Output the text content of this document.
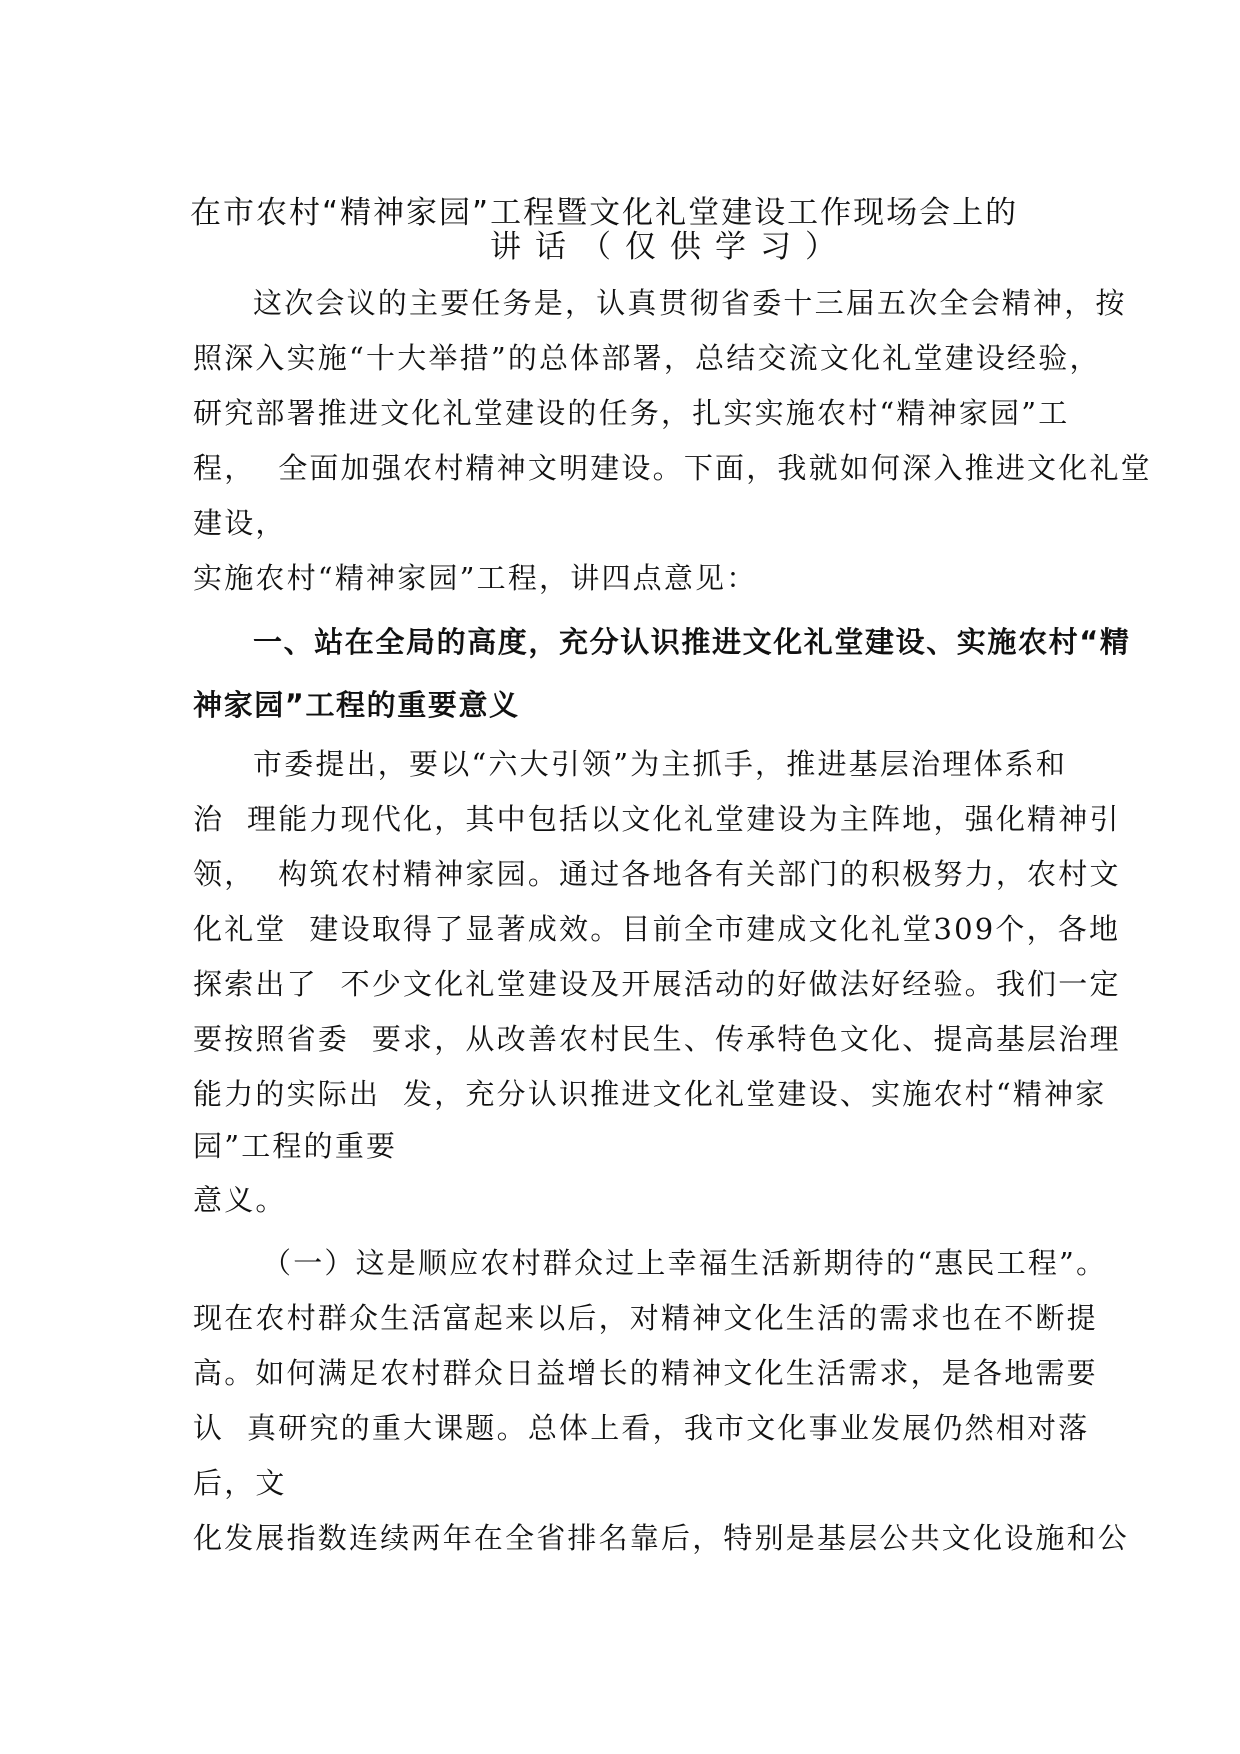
在市农村“精神家园”工程暨文化礼堂建设工作现场会上的
讲话（仅供学习）
这次会议的主要任务是，认真贯彻省委十三届五次全会精神，按
照深入实施“十大举措”的总体部署，总结交流文化礼堂建设经验，
研究部署推进文化礼堂建设的任务，扎实实施农村“精神家园”工
程，  全面加强农村精神文明建设。下面，我就如何深入推进文化礼堂
建设，
实施农村“精神家园”工程，讲四点意见：
一、站在全局的高度，充分认识推进文化礼堂建设、实施农村“精
神家园”工程的重要意义
市委提出，要以“六大引领”为主抓手，推进基层治理体系和
治  理能力现代化，其中包括以文化礼堂建设为主阵地，强化精神引
领，  构筑农村精神家园。通过各地各有关部门的积极努力，农村文
化礼堂  建设取得了显著成效。目前全市建成文化礼堂309个，各地
探索出了  不少文化礼堂建设及开展活动的好做法好经验。我们一定
要按照省委  要求，从改善农村民生、传承特色文化、提高基层治理
能力的实际出  发，充分认识推进文化礼堂建设、实施农村“精神家
园”工程的重要
意义。
（一）这是顺应农村群众过上幸福生活新期待的“惠民工程”。
现在农村群众生活富起来以后，对精神文化生活的需求也在不断提
高。如何满足农村群众日益增长的精神文化生活需求，是各地需要
认  真研究的重大课题。总体上看，我市文化事业发展仍然相对落
后，文
化发展指数连续两年在全省排名靠后，特别是基层公共文化设施和公
